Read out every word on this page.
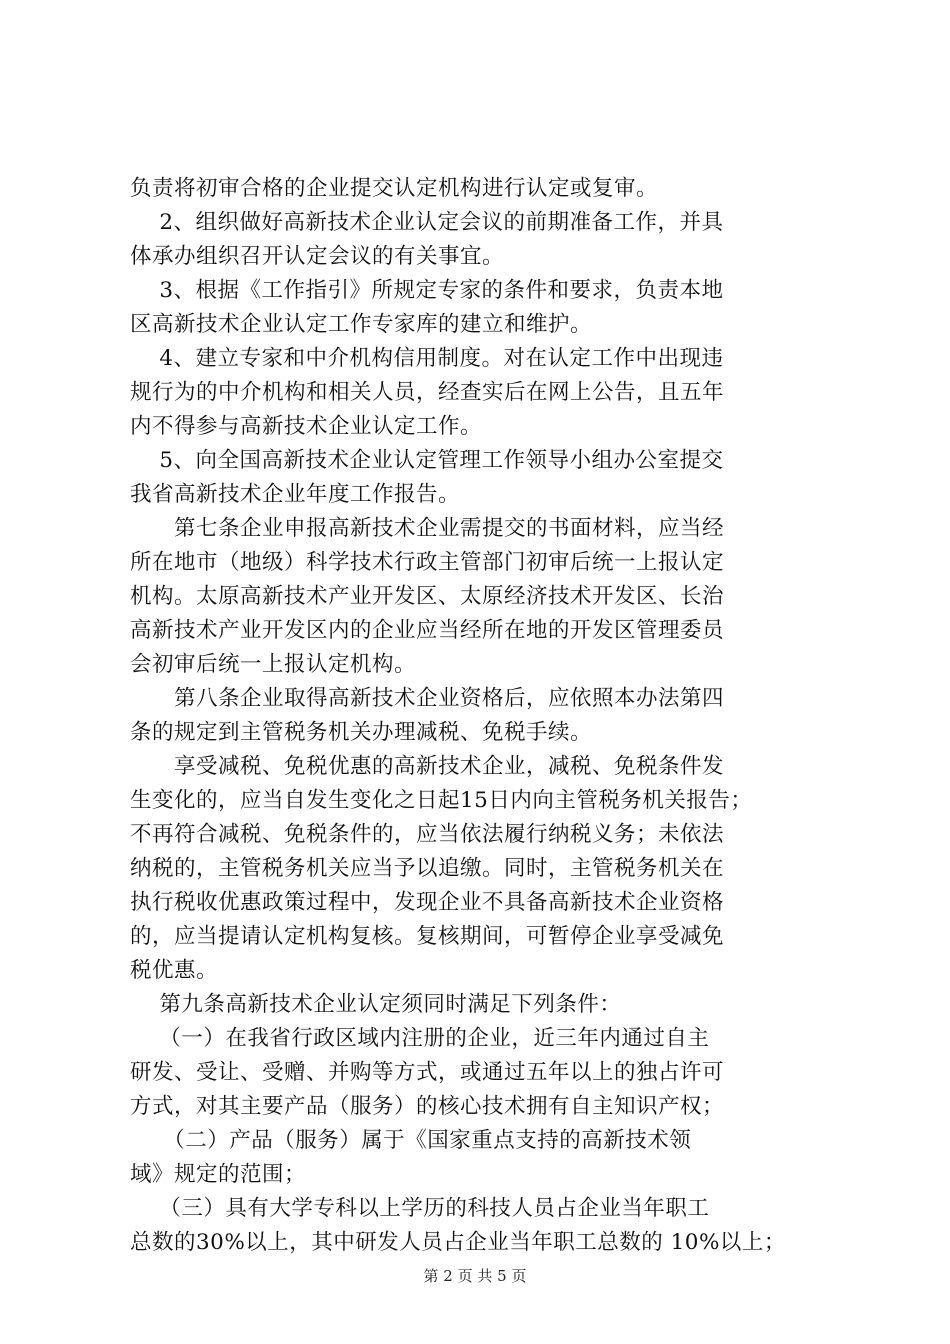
负责将初审合格的企业提交认定机构进行认定或复审。
　 2、组织做好高新技术企业认定会议的前期准备工作，并具
体承办组织召开认定会议的有关事宜。
　 3、根据《工作指引》所规定专家的条件和要求，负责本地
区高新技术企业认定工作专家库的建立和维护。
　 4、建立专家和中介机构信用制度。对在认定工作中出现违
规行为的中介机构和相关人员，经查实后在网上公告，且五年
内不得参与高新技术企业认定工作。
　 5、向全国高新技术企业认定管理工作领导小组办公室提交
我省高新技术企业年度工作报告。
　　第七条企业申报高新技术企业需提交的书面材料，应当经
所在地市（地级）科学技术行政主管部门初审后统一上报认定
机构。太原高新技术产业开发区、太原经济技术开发区、长治
高新技术产业开发区内的企业应当经所在地的开发区管理委员
会初审后统一上报认定机构。
　　第八条企业取得高新技术企业资格后，应依照本办法第四
条的规定到主管税务机关办理减税、免税手续。
　　享受减税、免税优惠的高新技术企业，减税、免税条件发
生变化的，应当自发生变化之日起15日内向主管税务机关报告；
不再符合减税、免税条件的，应当依法履行纳税义务；未依法
纳税的，主管税务机关应当予以追缴。同时，主管税务机关在
执行税收优惠政策过程中，发现企业不具备高新技术企业资格
的，应当提请认定机构复核。复核期间，可暂停企业享受减免
税优惠。
　 第九条高新技术企业认定须同时满足下列条件：
　 （一）在我省行政区域内注册的企业，近三年内通过自主
研发、受让、受赠、并购等方式，或通过五年以上的独占许可
方式，对其主要产品（服务）的核心技术拥有自主知识产权；
　　（二）产品（服务）属于《国家重点支持的高新技术领
域》规定的范围；
　 （三）具有大学专科以上学历的科技人员占企业当年职工
总数的30%以上，其中研发人员占企业当年职工总数的 10%以上；
第 2 页 共 5 页
